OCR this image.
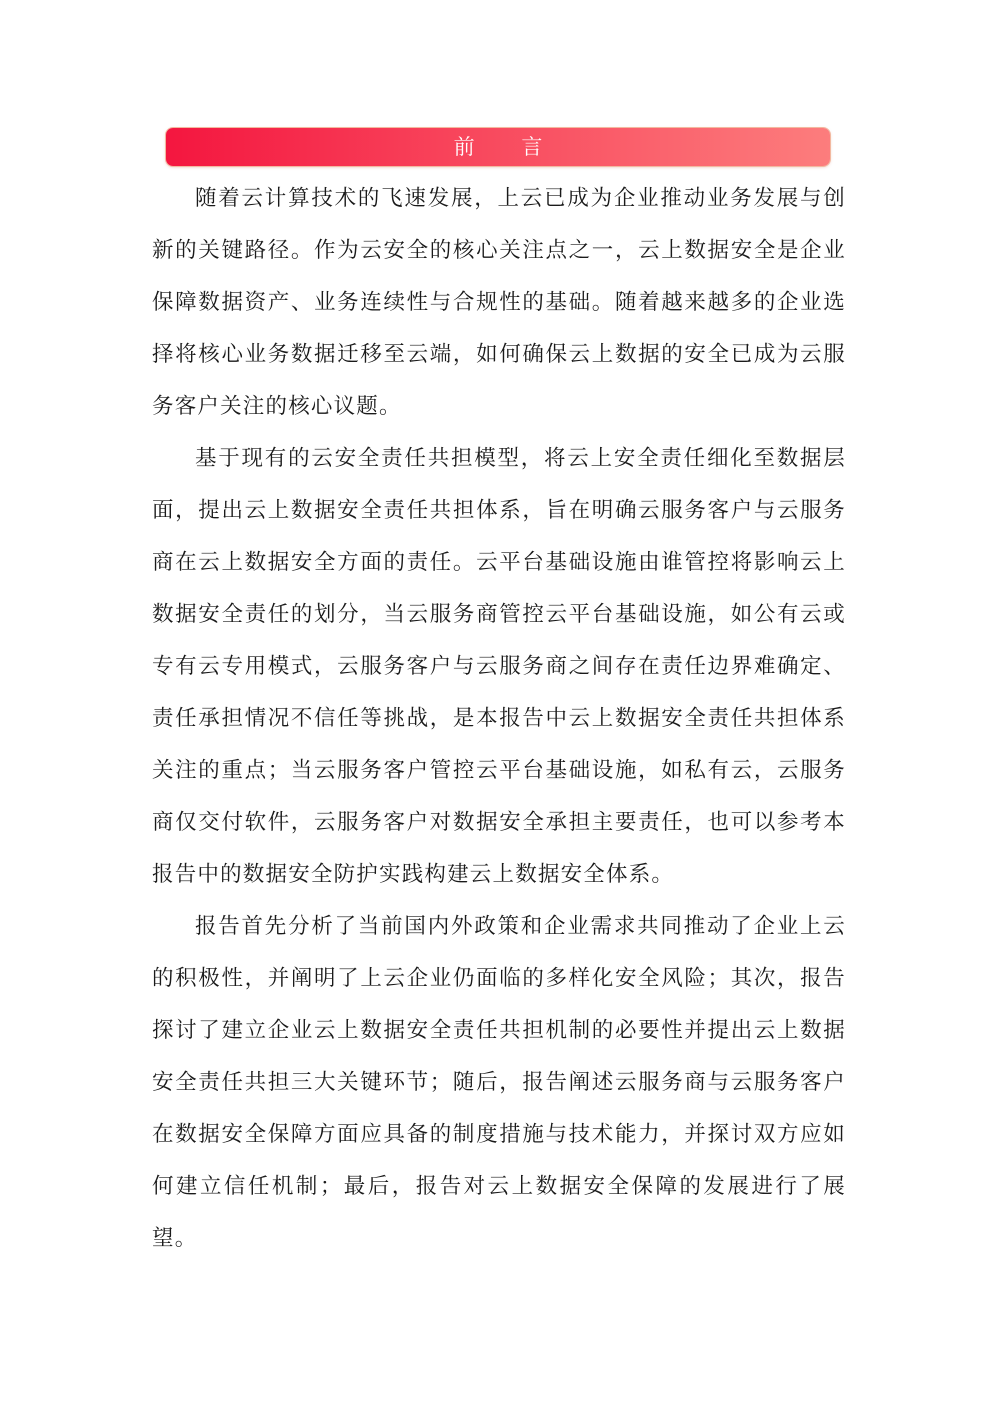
前 言

随着云计算技术的飞速发展，上云已成为企业推动业务发展与创新的关键路径。作为云安全的核心关注点之一，云上数据安全是企业保障数据资产、业务连续性与合规性的基础。随着越来越多的企业选择将核心业务数据迁移至云端，如何确保云上数据的安全已成为云服务客户关注的核心议题。

基于现有的云安全责任共担模型，将云上安全责任细化至数据层面，提出云上数据安全责任共担体系，旨在明确云服务客户与云服务商在云上数据安全方面的责任。云平台基础设施由谁管控将影响云上数据安全责任的划分，当云服务商管控云平台基础设施，如公有云或专有云专用模式，云服务客户与云服务商之间存在责任边界难确定、责任承担情况不信任等挑战，是本报告中云上数据安全责任共担体系关注的重点；当云服务客户管控云平台基础设施，如私有云，云服务商仅交付软件，云服务客户对数据安全承担主要责任，也可以参考本报告中的数据安全防护实践构建云上数据安全体系。

报告首先分析了当前国内外政策和企业需求共同推动了企业上云的积极性，并阐明了上云企业仍面临的多样化安全风险；其次，报告探讨了建立企业云上数据安全责任共担机制的必要性并提出云上数据安全责任共担三大关键环节；随后，报告阐述云服务商与云服务客户在数据安全保障方面应具备的制度措施与技术能力，并探讨双方应如何建立信任机制；最后，报告对云上数据安全保障的发展进行了展望。
